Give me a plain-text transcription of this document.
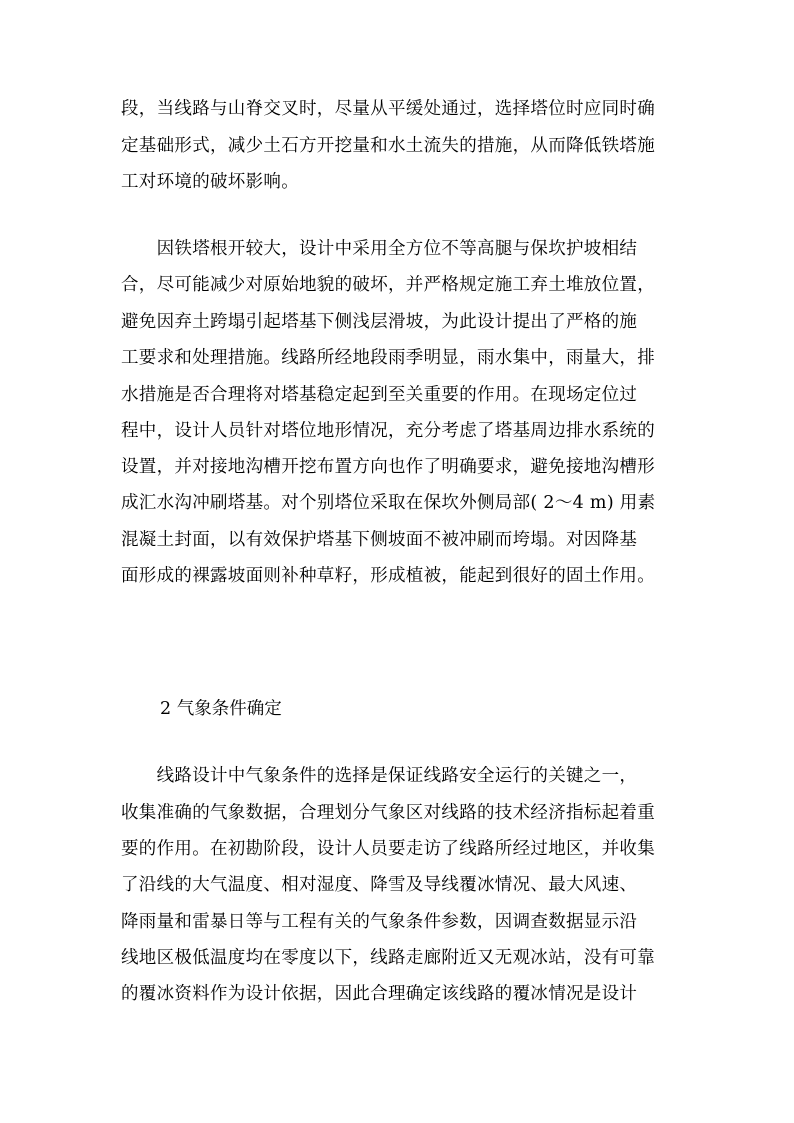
段，当线路与山脊交叉时，尽量从平缓处通过，选择塔位时应同时确
定基础形式，减少土石方开挖量和水土流失的措施，从而降低铁塔施
工对环境的破坏影响。
　　因铁塔根开较大，设计中采用全方位不等高腿与保坎护坡相结
合，尽可能减少对原始地貌的破坏，并严格规定施工弃土堆放位置，
避免因弃土跨塌引起塔基下侧浅层滑坡，为此设计提出了严格的施
工要求和处理措施。线路所经地段雨季明显，雨水集中，雨量大，排
水措施是否合理将对塔基稳定起到至关重要的作用。在现场定位过
程中，设计人员针对塔位地形情况，充分考虑了塔基周边排水系统的
设置，并对接地沟槽开挖布置方向也作了明确要求，避免接地沟槽形
成汇水沟冲刷塔基。对个别塔位采取在保坎外侧局部( 2～4 m) 用素
混凝土封面，以有效保护塔基下侧坡面不被冲刷而垮塌。对因降基
面形成的裸露坡面则补种草籽，形成植被，能起到很好的固土作用。
2 气象条件确定
　　线路设计中气象条件的选择是保证线路安全运行的关键之一，
收集准确的气象数据，合理划分气象区对线路的技术经济指标起着重
要的作用。在初勘阶段，设计人员要走访了线路所经过地区，并收集
了沿线的大气温度、相对湿度、降雪及导线覆冰情况、最大风速、
降雨量和雷暴日等与工程有关的气象条件参数，因调查数据显示沿
线地区极低温度均在零度以下，线路走廊附近又无观冰站，没有可靠
的覆冰资料作为设计依据，因此合理确定该线路的覆冰情况是设计
